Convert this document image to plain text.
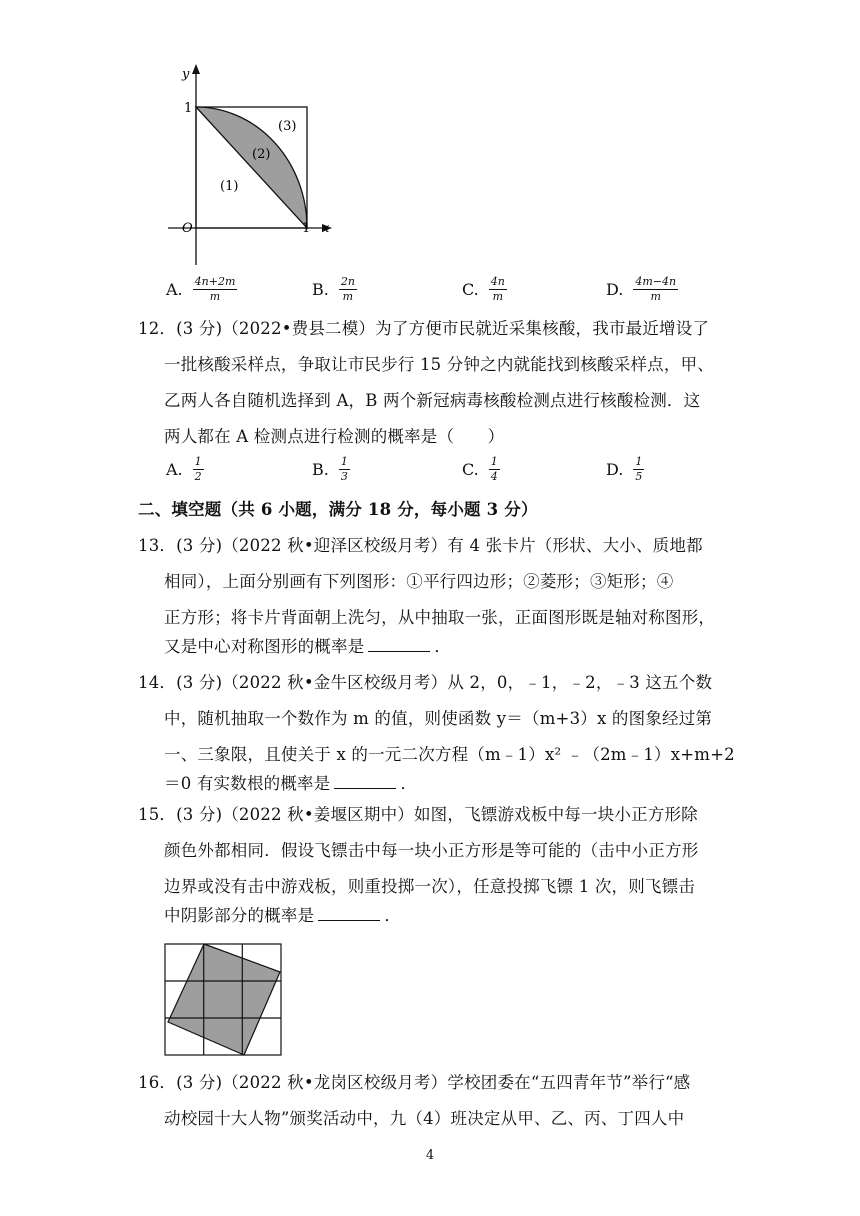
y
x
O
1
1
(1)
(2)
(3)
A. $\frac{4n+2m}{m}$	B. $\frac{2n}{m}$	C. $\frac{4n}{m}$	D. $\frac{4m-4n}{m}$
12．(3 分)（2022•费县二模）为了方便市民就近采集核酸，我市最近增设了
一批核酸采样点，争取让市民步行 15 分钟之内就能找到核酸采样点，甲、
乙两人各自随机选择到 A，B 两个新冠病毒核酸检测点进行核酸检测．这
两人都在 A 检测点进行检测的概率是（　　）
A. $\frac{1}{2}$	B. $\frac{1}{3}$	C. $\frac{1}{4}$	D. $\frac{1}{5}$
二、填空题（共 6 小题，满分 18 分，每小题 3 分）
13．(3 分)（2022 秋•迎泽区校级月考）有 4 张卡片（形状、大小、质地都
相同），上面分别画有下列图形：①平行四边形；②菱形；③矩形；④
正方形；将卡片背面朝上洗匀，从中抽取一张，正面图形既是轴对称图形，
又是中心对称图形的概率是	．
14．(3 分)（2022 秋•金牛区校级月考）从 2，0，﹣1，﹣2，﹣3 这五个数
中，随机抽取一个数作为 m 的值，则使函数 y＝（m+3）x 的图象经过第
一、三象限，且使关于 x 的一元二次方程（m﹣1）x² ﹣（2m﹣1）x+m+2
＝0 有实数根的概率是	．
15．(3 分)（2022 秋•姜堰区期中）如图，飞镖游戏板中每一块小正方形除
颜色外都相同．假设飞镖击中每一块小正方形是等可能的（击中小正方形
边界或没有击中游戏板，则重投掷一次），任意投掷飞镖 1 次，则飞镖击
中阴影部分的概率是	．
16．(3 分)（2022 秋•龙岗区校级月考）学校团委在“五四青年节”举行“感
动校园十大人物”颁奖活动中，九（4）班决定从甲、乙、丙、丁四人中
4
